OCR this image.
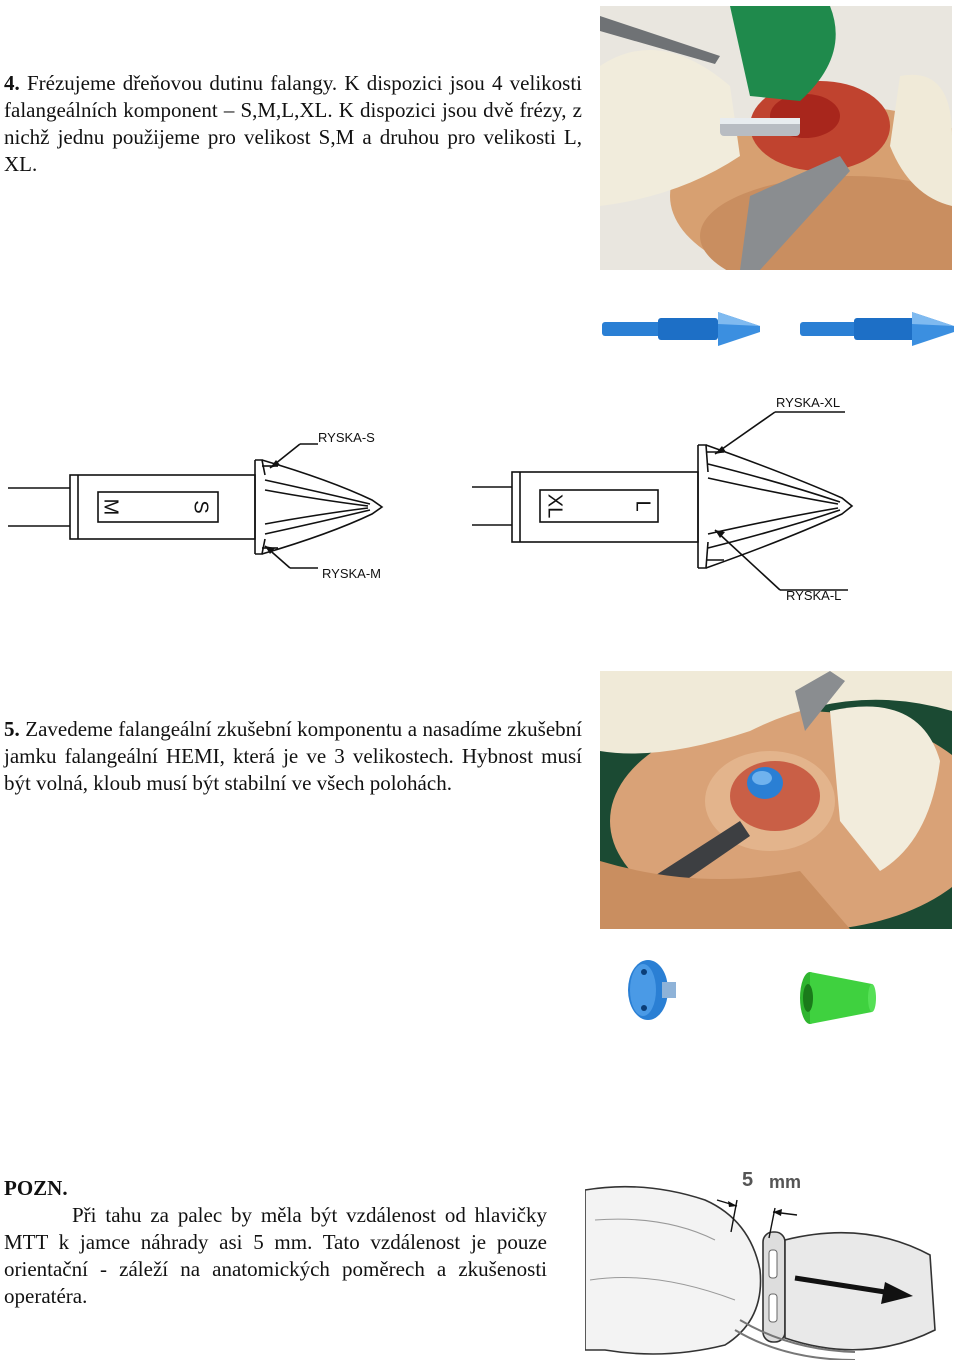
4. Frézujeme dřeňovou dutinu falangy. K dispozici jsou 4 velikosti falangeálních komponent – S,M,L,XL. K dispozici jsou dvě frézy, z nichž jednu použijeme pro velikost S,M a druhou pro velikosti L, XL.

M	S
RYSKA-S
RYSKA-M
XL	L
RYSKA-XL
RYSKA-L

5. Zavedeme falangeální zkušební komponentu a nasadíme zkušební jamku falangeální HEMI, která je ve 3 velikostech. Hybnost musí být volná, kloub musí být stabilní ve všech polohách.

POZN.

Při tahu za palec by měla být vzdálenost od hlavičky MTT k jamce náhrady asi 5 mm. Tato vzdálenost je pouze orientační - záleží na anatomických poměrech a zkušenosti operatéra.

5 mm
